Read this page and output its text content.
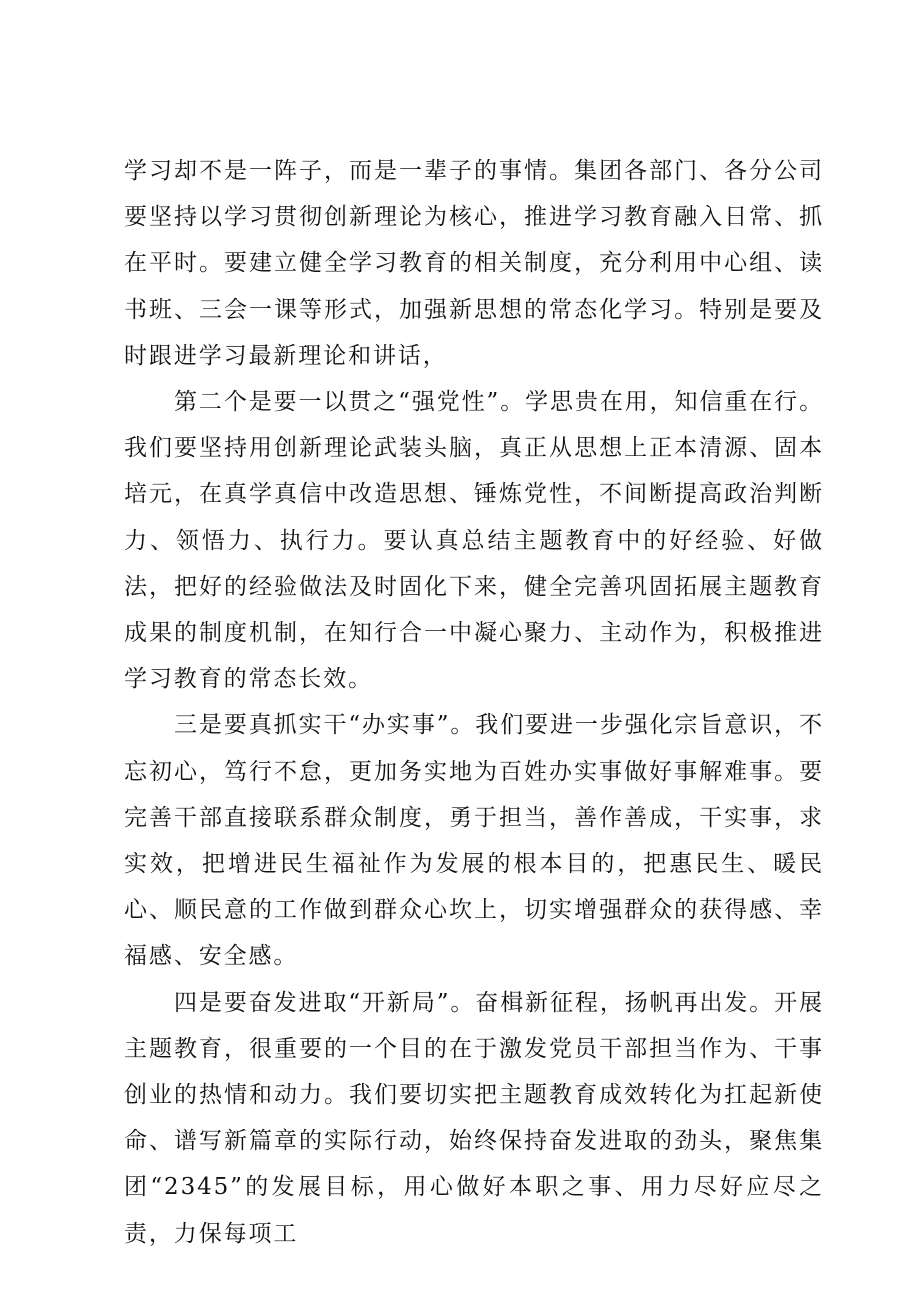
学习却不是一阵子，而是一辈子的事情。集团各部门、各分公司要坚持以学习贯彻创新理论为核心，推进学习教育融入日常、抓在平时。要建立健全学习教育的相关制度，充分利用中心组、读书班、三会一课等形式，加强新思想的常态化学习。特别是要及时跟进学习最新理论和讲话，

第二个是要一以贯之“强党性”。学思贵在用，知信重在行。我们要坚持用创新理论武装头脑，真正从思想上正本清源、固本培元，在真学真信中改造思想、锤炼党性，不间断提高政治判断力、领悟力、执行力。要认真总结主题教育中的好经验、好做法，把好的经验做法及时固化下来，健全完善巩固拓展主题教育成果的制度机制，在知行合一中凝心聚力、主动作为，积极推进学习教育的常态长效。

三是要真抓实干“办实事”。我们要进一步强化宗旨意识，不忘初心，笃行不怠，更加务实地为百姓办实事做好事解难事。要完善干部直接联系群众制度，勇于担当，善作善成，干实事，求实效，把增进民生福祉作为发展的根本目的，把惠民生、暖民心、顺民意的工作做到群众心坎上，切实增强群众的获得感、幸福感、安全感。

四是要奋发进取“开新局”。奋楫新征程，扬帆再出发。开展主题教育，很重要的一个目的在于激发党员干部担当作为、干事创业的热情和动力。我们要切实把主题教育成效转化为扛起新使命、谱写新篇章的实际行动，始终保持奋发进取的劲头，聚焦集团“2345”的发展目标，用心做好本职之事、用力尽好应尽之责，力保每项工
